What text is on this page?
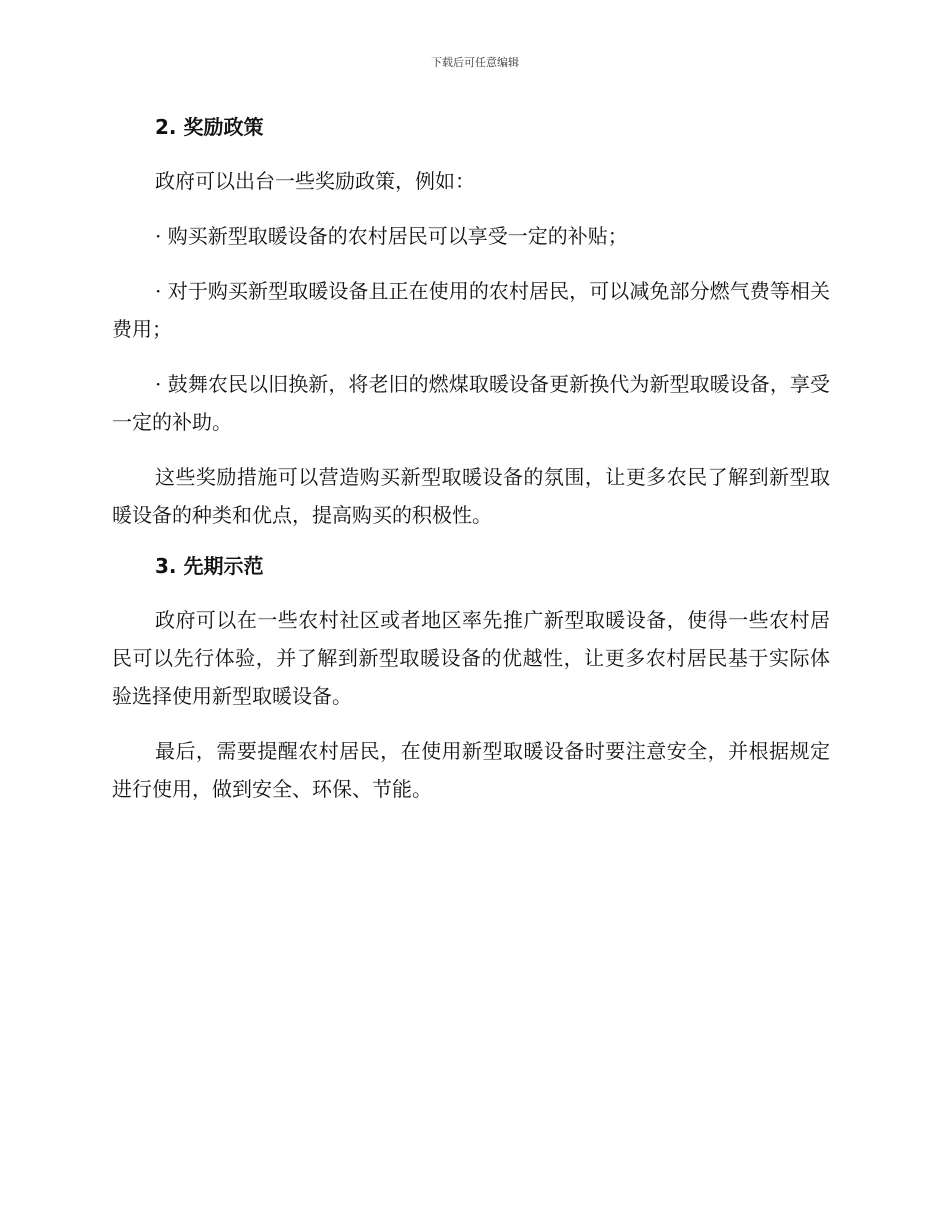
下载后可任意编辑
2. 奖励政策

政府可以出台一些奖励政策，例如：

· 购买新型取暖设备的农村居民可以享受一定的补贴；

· 对于购买新型取暖设备且正在使用的农村居民，可以减免部分燃气费等相关费用；

· 鼓舞农民以旧换新，将老旧的燃煤取暖设备更新换代为新型取暖设备，享受一定的补助。

这些奖励措施可以营造购买新型取暖设备的氛围，让更多农民了解到新型取暖设备的种类和优点，提高购买的积极性。

3. 先期示范

政府可以在一些农村社区或者地区率先推广新型取暖设备，使得一些农村居民可以先行体验，并了解到新型取暖设备的优越性，让更多农村居民基于实际体验选择使用新型取暖设备。

最后，需要提醒农村居民，在使用新型取暖设备时要注意安全，并根据规定进行使用，做到安全、环保、节能。
